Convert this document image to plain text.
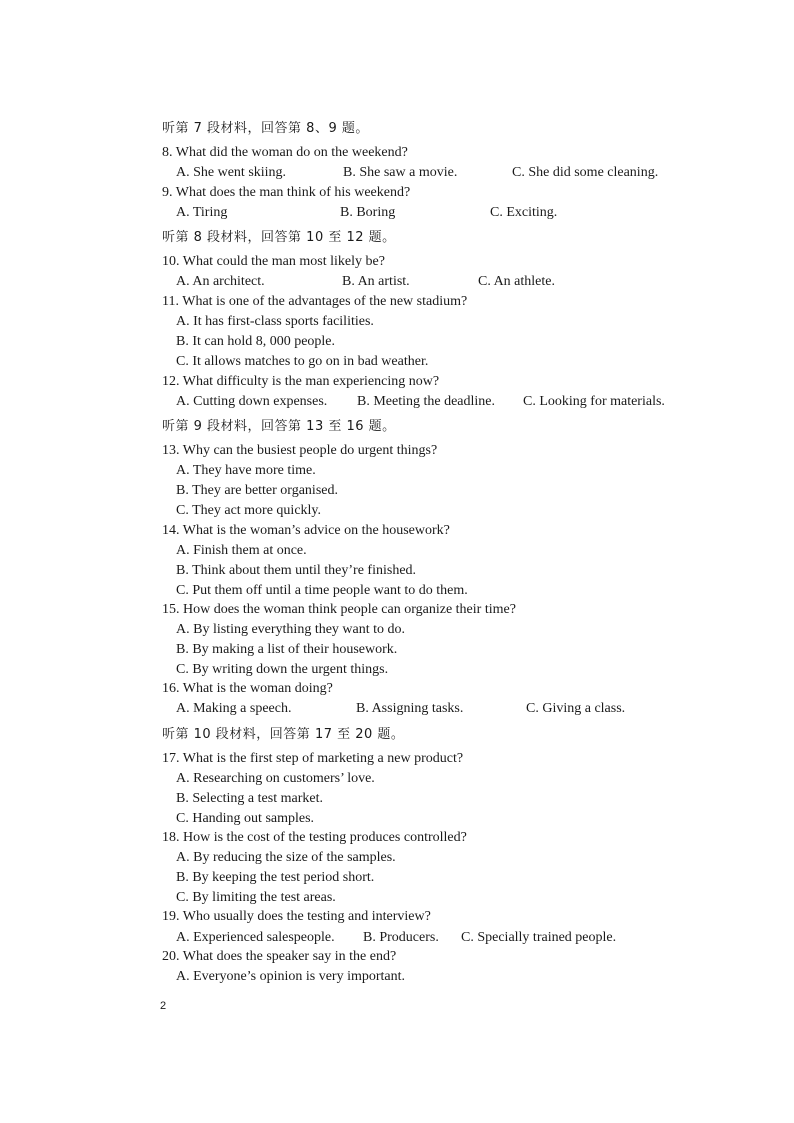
听第 7 段材料，回答第 8、9 题。
8. What did the woman do on the weekend?
A. She went skiing.	B. She saw a movie.	C. She did some cleaning.
9. What does the man think of his weekend?
A. Tiring	B. Boring	C. Exciting.
听第 8 段材料，回答第 10 至 12 题。
10. What could the man most likely be?
A. An architect.	B. An artist.	C. An athlete.
11. What is one of the advantages of the new stadium?
A. It has first-class sports facilities.
B. It can hold 8, 000 people.
C. It allows matches to go on in bad weather.
12. What difficulty is the man experiencing now?
A. Cutting down expenses. B. Meeting the deadline. C. Looking for materials.
听第 9 段材料，回答第 13 至 16 题。
13. Why can the busiest people do urgent things?
A. They have more time.
B. They are better organised.
C. They act more quickly.
14. What is the woman’s advice on the housework?
A. Finish them at once.
B. Think about them until they’re finished.
C. Put them off until a time people want to do them.
15. How does the woman think people can organize their time?
A. By listing everything they want to do.
B. By making a list of their housework.
C. By writing down the urgent things.
16. What is the woman doing?
A. Making a speech.	B. Assigning tasks.	C. Giving a class.
听第 10 段材料，回答第 17 至 20 题。
17. What is the first step of marketing a new product?
A. Researching on customers’ love.
B. Selecting a test market.
C. Handing out samples.
18. How is the cost of the testing produces controlled?
A. By reducing the size of the samples.
B. By keeping the test period short.
C. By limiting the test areas.
19. Who usually does the testing and interview?
A. Experienced salespeople. B. Producers. C. Specially trained people.
20. What does the speaker say in the end?
A. Everyone’s opinion is very important.
2
